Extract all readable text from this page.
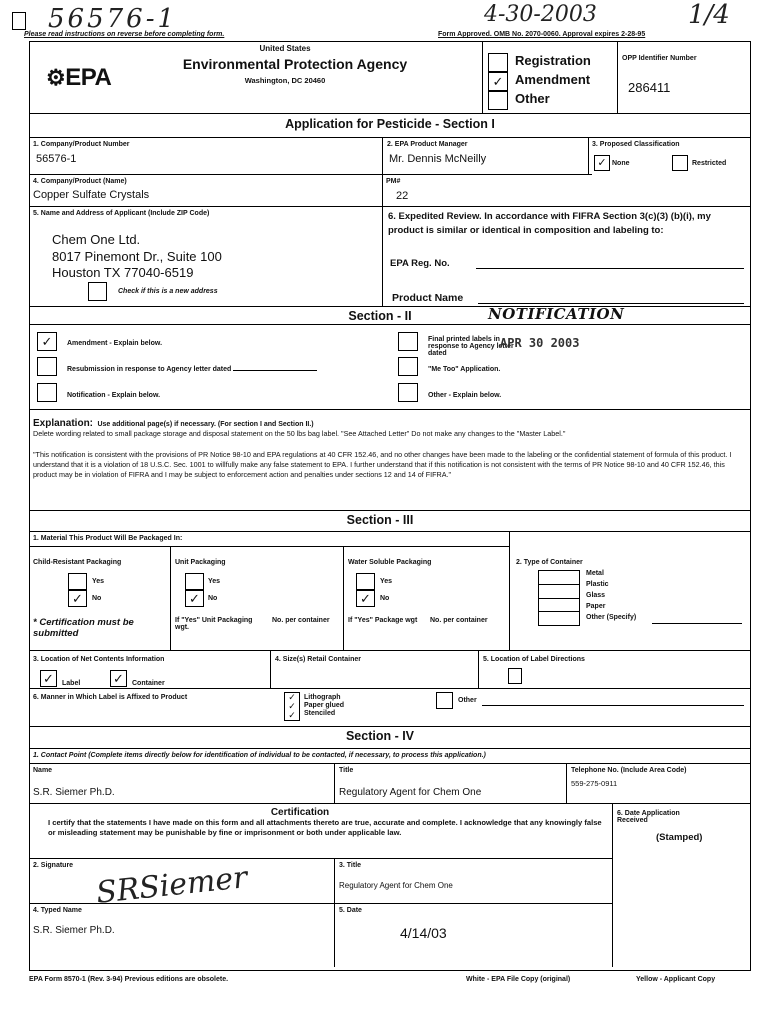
56576-1	4-30-2003	1/4
Please read instructions on reverse before completing form.	Form Approved. OMB No. 2070-0060. Approval expires 2-28-95
⚙EPA
United States
Environmental Protection Agency
Washington, DC 20460
Registration
✓ Amendment
Other
OPP Identifier Number
286411
Application for Pesticide - Section I
1. Company/Product Number
56576-1
2. EPA Product Manager
Mr. Dennis McNeilly
3. Proposed Classification
✓ None	Restricted
4. Company/Product (Name)
Copper Sulfate Crystals
PM#
22
5. Name and Address of Applicant (Include ZIP Code)
Chem One Ltd.
8017 Pinemont Dr., Suite 100
Houston TX 77040-6519
Check if this is a new address
6. Expedited Review. In accordance with FIFRA Section 3(c)(3) (b)(i), my product is similar or identical in composition and labeling to:
EPA Reg. No.
Product Name
Section - II	NOTIFICATION
✓	Amendment - Explain below.
Resubmission in response to Agency letter dated
Notification - Explain below.
Final printed labels in response to Agency letter dated
APR 30 2003
"Me Too" Application.
Other - Explain below.
Explanation: Use additional page(s) if necessary. (For section I and Section II.)
Delete wording related to small package storage and disposal statement on the 50 lbs bag label. "See Attached Letter" Do not make any changes to the "Master Label."
"This notification is consistent with the provisions of PR Notice 98-10 and EPA regulations at 40 CFR 152.46, and no other changes have been made to the labeling or the confidential statement of formula of this product. I understand that it is a violation of 18 U.S.C. Sec. 1001 to willfully make any false statement to EPA. I further understand that if this notification is not consistent with the terms of PR Notice 98-10 and 40 CFR 152.46, this product may be in violation of FIFRA and I may be subject to enforcement action and penalties under sections 12 and 14 of FIFRA."
Section - III
1. Material This Product Will Be Packaged In:
Child-Resistant Packaging
Yes
✓	No
* Certification must be submitted
Unit Packaging
Yes
✓	No
If "Yes" Unit Packaging wgt.
No. per container
Water Soluble Packaging
Yes
✓	No
If "Yes" Package wgt No. per container
2. Type of Container
Metal
Plastic
Glass
Paper
Other (Specify)
3. Location of Net Contents Information
✓	Label	✓	Container
4. Size(s) Retail Container	5. Location of Label Directions
6. Manner in Which Label is Affixed to Product	✓
✓
✓
Lithograph
Paper glued
Stenciled
Other
Section - IV
1. Contact Point (Complete items directly below for identification of individual to be contacted, if necessary, to process this application.)
Name
S.R. Siemer Ph.D.
Title
Regulatory Agent for Chem One
Telephone No. (Include Area Code)
559-275-0911
Certification
I certify that the statements I have made on this form and all attachments thereto are true, accurate and complete. I acknowledge that any knowingly false or misleading statement may be punishable by fine or imprisonment or both under applicable law.
6. Date Application Received
(Stamped)
2. Signature SRSiemer	3. Title
Regulatory Agent for Chem One
4. Typed Name
S.R. Siemer Ph.D.
5. Date
4/14/03
EPA Form 8570-1 (Rev. 3-94) Previous editions are obsolete.	White - EPA File Copy (original)	Yellow - Applicant Copy
